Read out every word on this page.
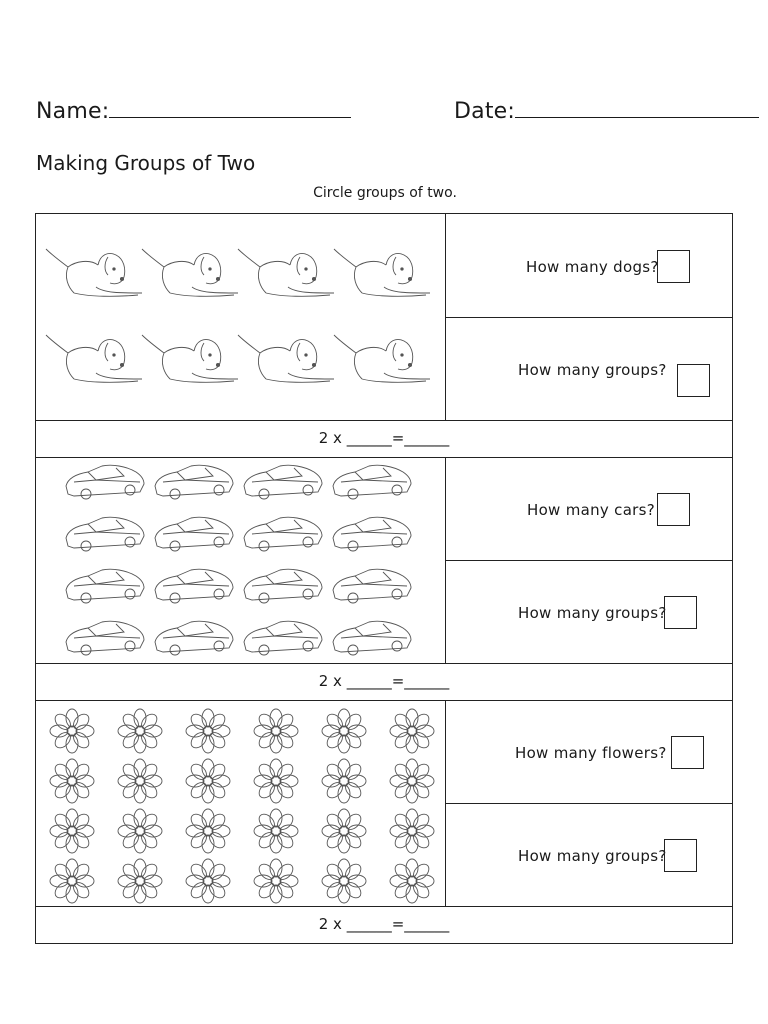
Name:	Date:
Making Groups of Two
Circle groups of two.
How many dogs?
How many groups?
2 x ______=______
How many cars?
How many groups?
2 x ______=______
How many flowers?
How many groups?
2 x ______=______
